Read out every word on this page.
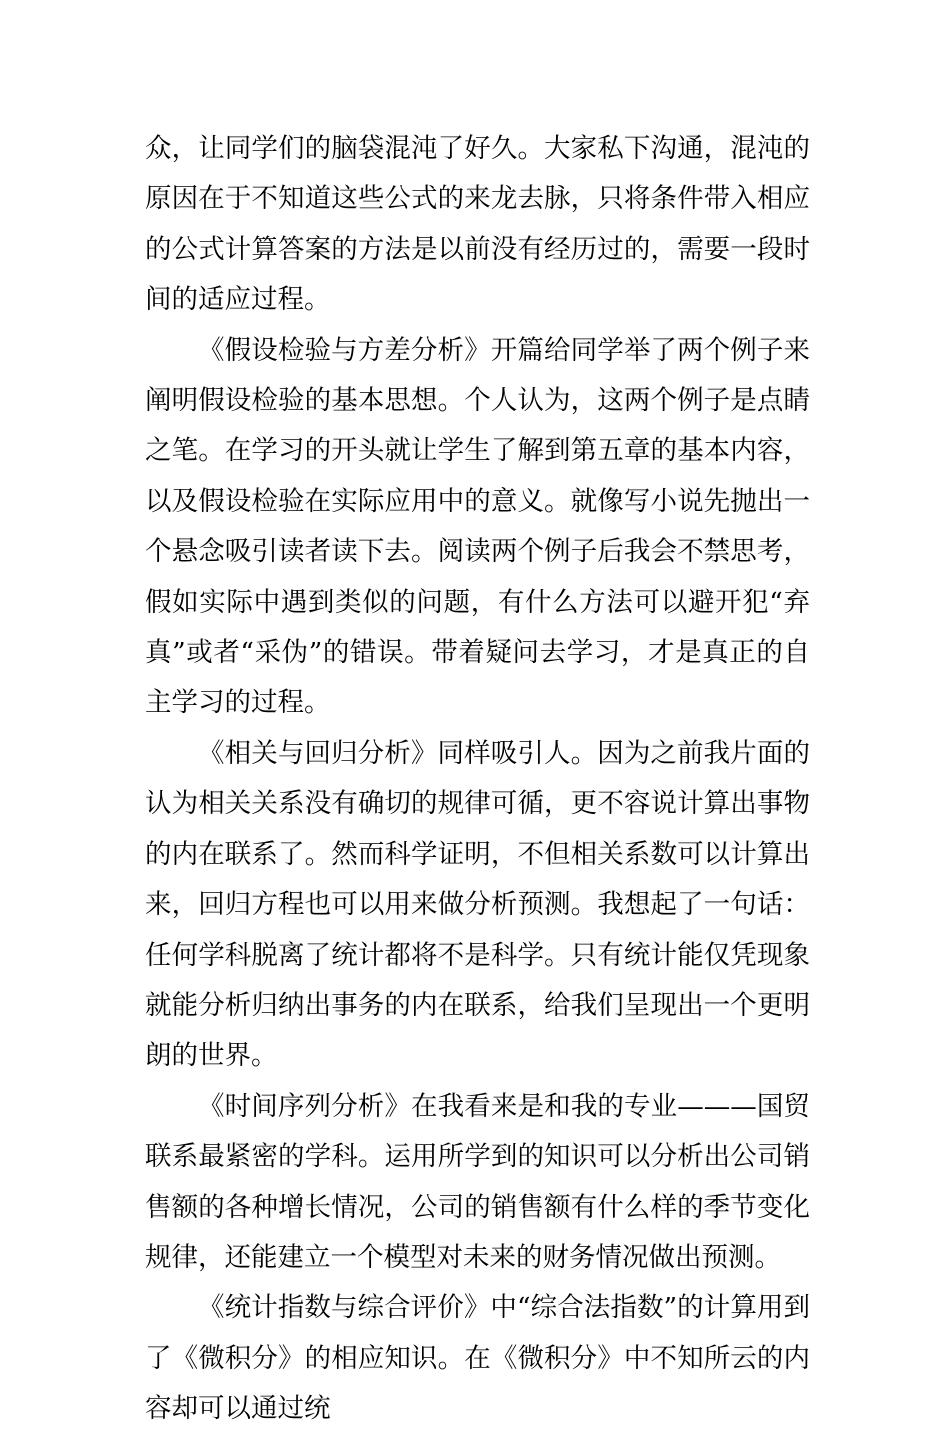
众，让同学们的脑袋混沌了好久。大家私下沟通，混沌的原因在于不知道这些公式的来龙去脉，只将条件带入相应的公式计算答案的方法是以前没有经历过的，需要一段时间的适应过程。

《假设检验与方差分析》开篇给同学举了两个例子来阐明假设检验的基本思想。个人认为，这两个例子是点睛之笔。在学习的开头就让学生了解到第五章的基本内容，以及假设检验在实际应用中的意义。就像写小说先抛出一个悬念吸引读者读下去。阅读两个例子后我会不禁思考，假如实际中遇到类似的问题，有什么方法可以避开犯“弃真”或者“采伪”的错误。带着疑问去学习，才是真正的自主学习的过程。

《相关与回归分析》同样吸引人。因为之前我片面的认为相关关系没有确切的规律可循，更不容说计算出事物的内在联系了。然而科学证明，不但相关系数可以计算出来，回归方程也可以用来做分析预测。我想起了一句话：任何学科脱离了统计都将不是科学。只有统计能仅凭现象就能分析归纳出事务的内在联系，给我们呈现出一个更明朗的世界。

《时间序列分析》在我看来是和我的专业———国贸联系最紧密的学科。运用所学到的知识可以分析出公司销售额的各种增长情况，公司的销售额有什么样的季节变化规律，还能建立一个模型对未来的财务情况做出预测。

《统计指数与综合评价》中“综合法指数”的计算用到了《微积分》的相应知识。在《微积分》中不知所云的内容却可以通过统
